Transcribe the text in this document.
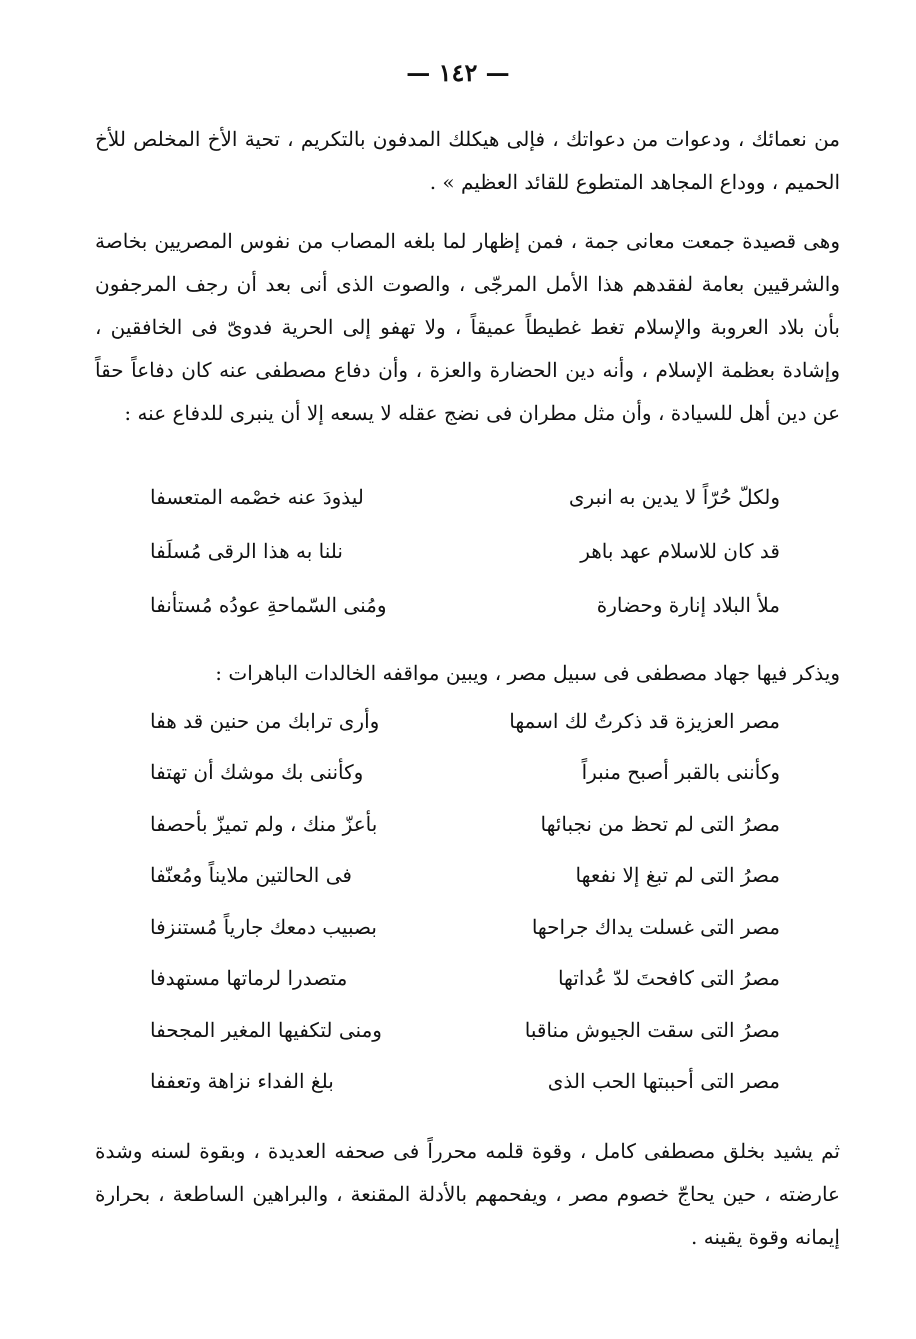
— ١٤٢ —
من نعمائك ، ودعوات من دعواتك ، فإلى هيكلك المدفون بالتكريم ، تحية الأخ المخلص للأخ الحميم ، ووداع المجاهد المتطوع للقائد العظيم » .
وهى قصيدة جمعت معانى جمة ، فمن إظهار لما بلغه المصاب من نفوس المصريين بخاصة والشرقيين بعامة لفقدهم هذا الأمل المرجّى ، والصوت الذى أنى بعد أن رجف المرجفون بأن بلاد العروبة والإسلام تغط غطيطاً عميقاً ، ولا تهفو إلى الحرية فدوىّ فى الخافقين ، وإشادة بعظمة الإسلام ، وأنه دين الحضارة والعزة ، وأن دفاع مصطفى عنه كان دفاعاً حقاً عن دين أهل للسيادة ، وأن مثل مطران فى نضج عقله لا يسعه إلا أن ينبرى للدفاع عنه :
ولكلّ حُرّاً لا يدين به انبرى
ليذودَ عنه خصْمه المتعسفا
قد كان للاسلام عهد باهر
نلنا به هذا الرقى مُسلَفا
ملأ البلاد إنارة وحضارة
ومُنى السّماحةِ عودُه مُستأنفا
ويذكر فيها جهاد مصطفى فى سبيل مصر ، ويبين مواقفه الخالدات الباهرات :
مصر العزيزة قد ذكرتُ لك اسمها
وأرى ترابك من حنين قد هفا
وكأننى بالقبر أصبح منبراً
وكأننى بك موشك أن تهتفا
مصرُ التى لم تحظ من نجبائها
بأعزّ منك ، ولم تميزّ بأحصفا
مصرُ التى لم تبغ إلا نفعها
فى الحالتين ملايناً ومُعنّفا
مصر التى غسلت يداك جراحها
بصبيب دمعك جارياً مُستنزفا
مصرُ التى كافحتَ لدّ عُداتها
متصدرا لرماتها مستهدفا
مصرُ التى سقت الجيوش مناقبا
ومنى لتكفيها المغير المجحفا
مصر التى أحببتها الحب الذى
بلغ الفداء نزاهة وتعففا
ثم يشيد بخلق مصطفى كامل ، وقوة قلمه محرراً فى صحفه العديدة ، وبقوة لسنه وشدة عارضته ، حين يحاجّ خصوم مصر ، ويفحمهم بالأدلة المقنعة ، والبراهين الساطعة ، بحرارة إيمانه وقوة يقينه .
